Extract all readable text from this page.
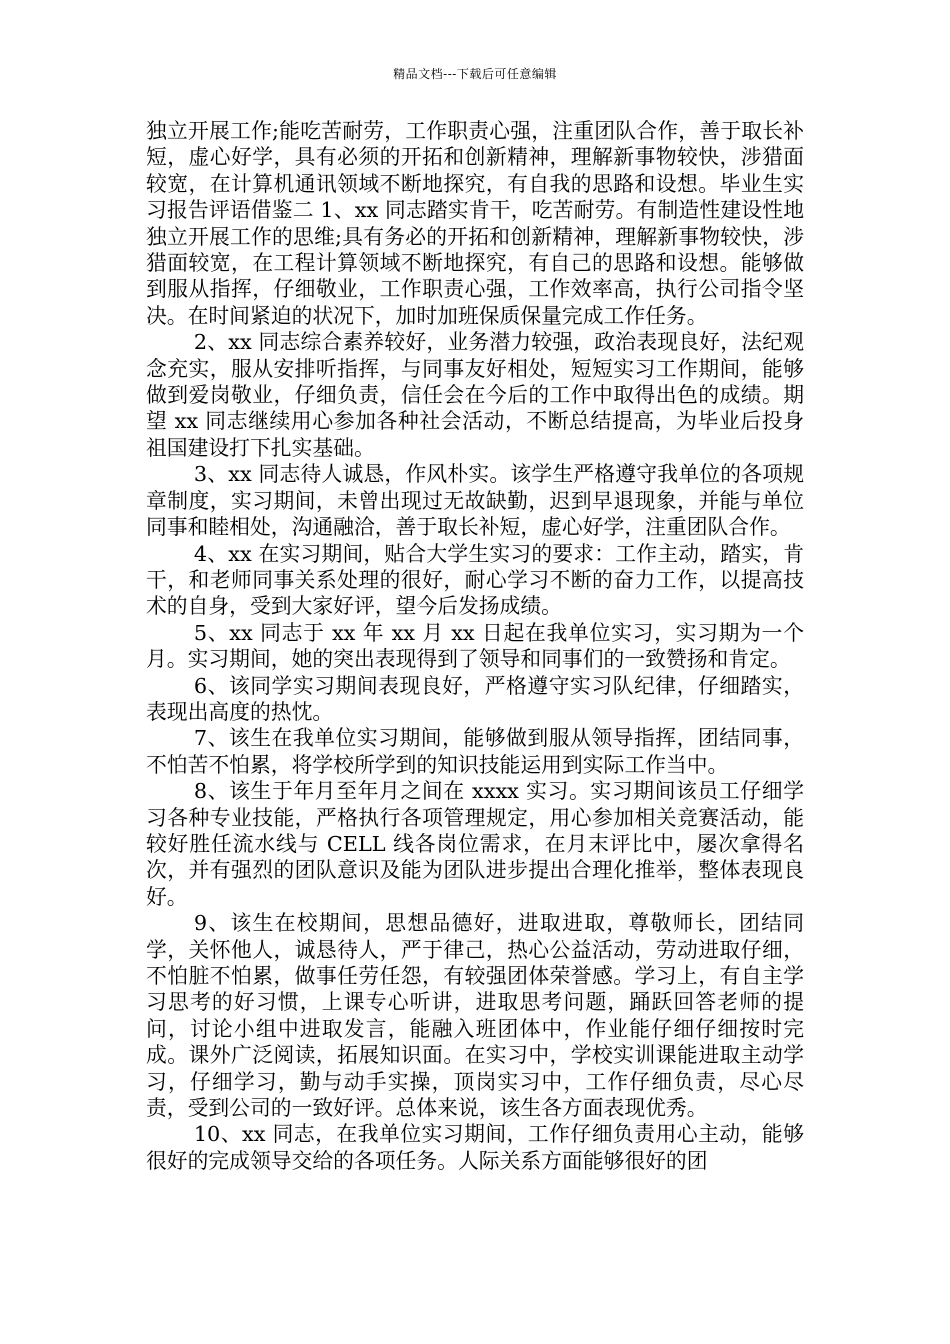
精品文档---下载后可任意编辑

独立开展工作;能吃苦耐劳，工作职责心强，注重团队合作，善于取长补短，虚心好学，具有必须的开拓和创新精神，理解新事物较快，涉猎面较宽，在计算机通讯领域不断地探究，有自我的思路和设想。毕业生实习报告评语借鉴二 1、xx 同志踏实肯干，吃苦耐劳。有制造性建设性地独立开展工作的思维;具有务必的开拓和创新精神，理解新事物较快，涉猎面较宽，在工程计算领域不断地探究，有自己的思路和设想。能够做到服从指挥，仔细敬业，工作职责心强，工作效率高，执行公司指令坚决。在时间紧迫的状况下，加时加班保质保量完成工作任务。

2、xx 同志综合素养较好，业务潜力较强，政治表现良好，法纪观念充实，服从安排听指挥，与同事友好相处，短短实习工作期间，能够做到爱岗敬业，仔细负责，信任会在今后的工作中取得出色的成绩。期望 xx 同志继续用心参加各种社会活动，不断总结提高，为毕业后投身祖国建设打下扎实基础。

3、xx 同志待人诚恳，作风朴实。该学生严格遵守我单位的各项规章制度，实习期间，未曾出现过无故缺勤，迟到早退现象，并能与单位同事和睦相处，沟通融洽，善于取长补短，虚心好学，注重团队合作。

4、xx 在实习期间，贴合大学生实习的要求：工作主动，踏实，肯干，和老师同事关系处理的很好，耐心学习不断的奋力工作，以提高技术的自身，受到大家好评，望今后发扬成绩。

5、xx 同志于 xx 年 xx 月 xx 日起在我单位实习，实习期为一个月。实习期间，她的突出表现得到了领导和同事们的一致赞扬和肯定。

6、该同学实习期间表现良好，严格遵守实习队纪律，仔细踏实，表现出高度的热忱。

7、该生在我单位实习期间，能够做到服从领导指挥，团结同事，不怕苦不怕累，将学校所学到的知识技能运用到实际工作当中。

8、该生于年月至年月之间在 xxxx 实习。实习期间该员工仔细学习各种专业技能，严格执行各项管理规定，用心参加相关竞赛活动，能较好胜任流水线与 CELL 线各岗位需求，在月末评比中，屡次拿得名次，并有强烈的团队意识及能为团队进步提出合理化推举，整体表现良好。

9、该生在校期间，思想品德好，进取进取，尊敬师长，团结同学，关怀他人，诚恳待人，严于律己，热心公益活动，劳动进取仔细，不怕脏不怕累，做事任劳任怨，有较强团体荣誉感。学习上，有自主学习思考的好习惯，上课专心听讲，进取思考问题，踊跃回答老师的提问，讨论小组中进取发言，能融入班团体中，作业能仔细仔细按时完成。课外广泛阅读，拓展知识面。在实习中，学校实训课能进取主动学习，仔细学习，勤与动手实操，顶岗实习中，工作仔细负责，尽心尽责，受到公司的一致好评。总体来说，该生各方面表现优秀。

10、xx 同志，在我单位实习期间，工作仔细负责用心主动，能够很好的完成领导交给的各项任务。人际关系方面能够很好的团
